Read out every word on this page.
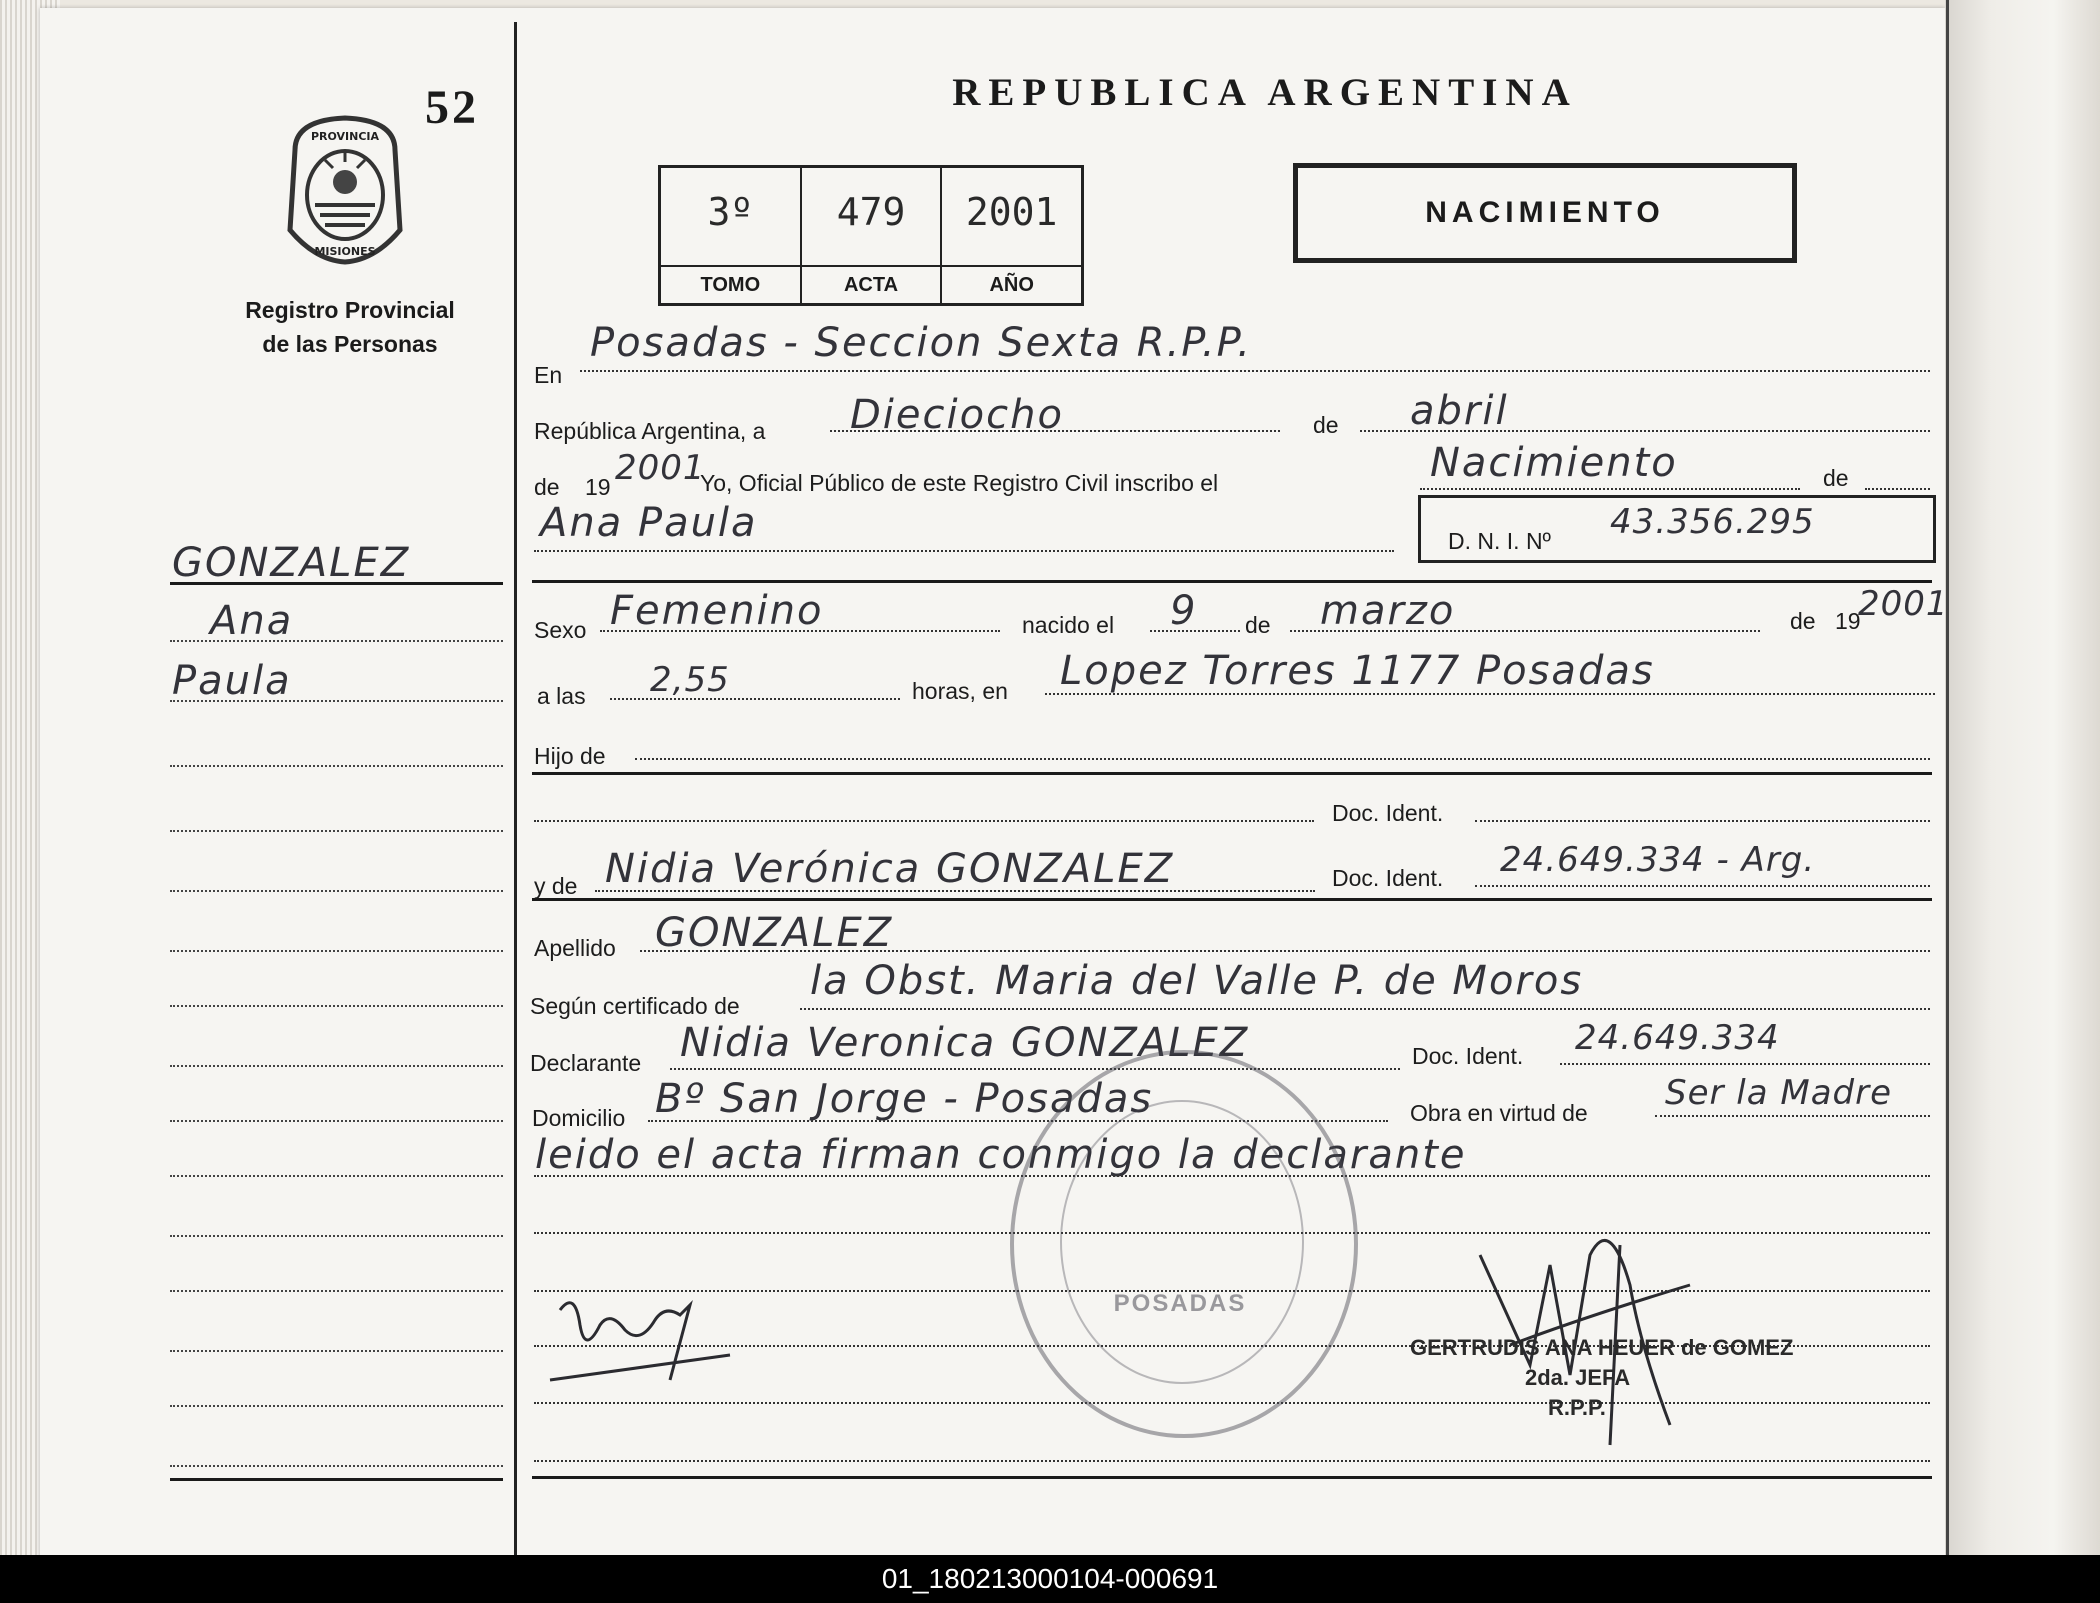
52
PROVINCIA
MISIONES
Registro Provincial
de las Personas
GONZALEZ
Ana
Paula
REPUBLICA ARGENTINA
3º
TOMO
479
ACTA
2001
AÑO
NACIMIENTO
En
Posadas - Seccion Sexta R.P.P.
República Argentina, a Dieciocho	de abril
de 19 2001
Yo, Oficial Público de este Registro Civil inscribo el	Nacimiento	de
Ana Paula	D. N. I. Nº 43.356.295
Sexo Femenino	nacido el 9 de marzo	de 19
2001
a las 2,55	horas, en Lopez Torres 1177 Posadas
Hijo de
Doc. Ident.
y de Nidia Verónica GONZALEZ	Doc. Ident. 24.649.334 - Arg.
Apellido GONZALEZ
Según certificado de
la Obst. Maria del Valle P. de Moros
Declarante Nidia Veronica GONZALEZ	Doc. Ident. 24.649.334
Domicilio Bº San Jorge - Posadas	Obra en virtud de Ser la Madre
leido el acta firman conmigo la declarante
POSADAS
GERTRUDIS ANA HEUER de GOMEZ
2da. JEFA
R.P.P.
01_180213000104-000691
